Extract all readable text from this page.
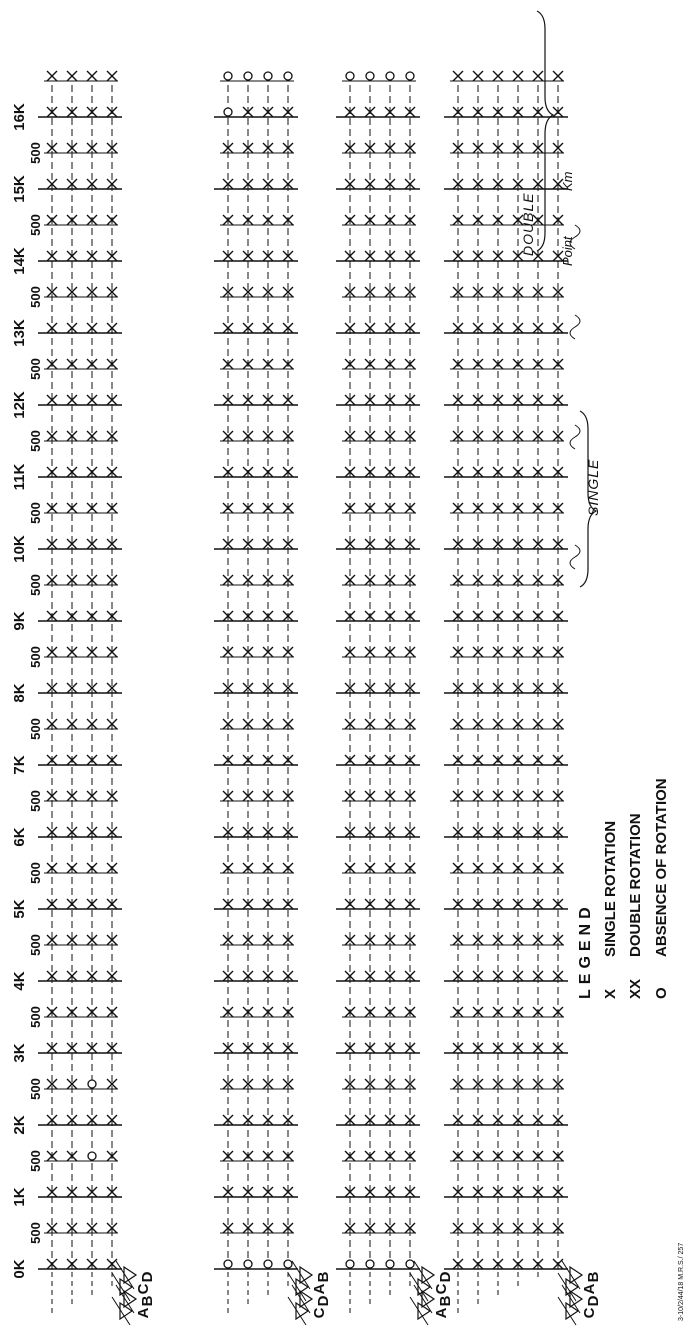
LEGEND X
SINGLE ROTATION
XX
DOUBLE ROTATION
O
ABSENCE OF ROTATION
DOUBLE
SINGLE
Point
Km
3-10/2/44/18 M.R.S./ 257
0K
500
1K
500
2K
500
3K
500
4K
500
5K
500
6K
500
7K
500
8K
500
9K
500
10K
500
11K
500
12K
500
13K
500
14K
500
15K
500
16K
A
B
C
D
C
D
A
B
A
B
C
D
C
D
A
B
